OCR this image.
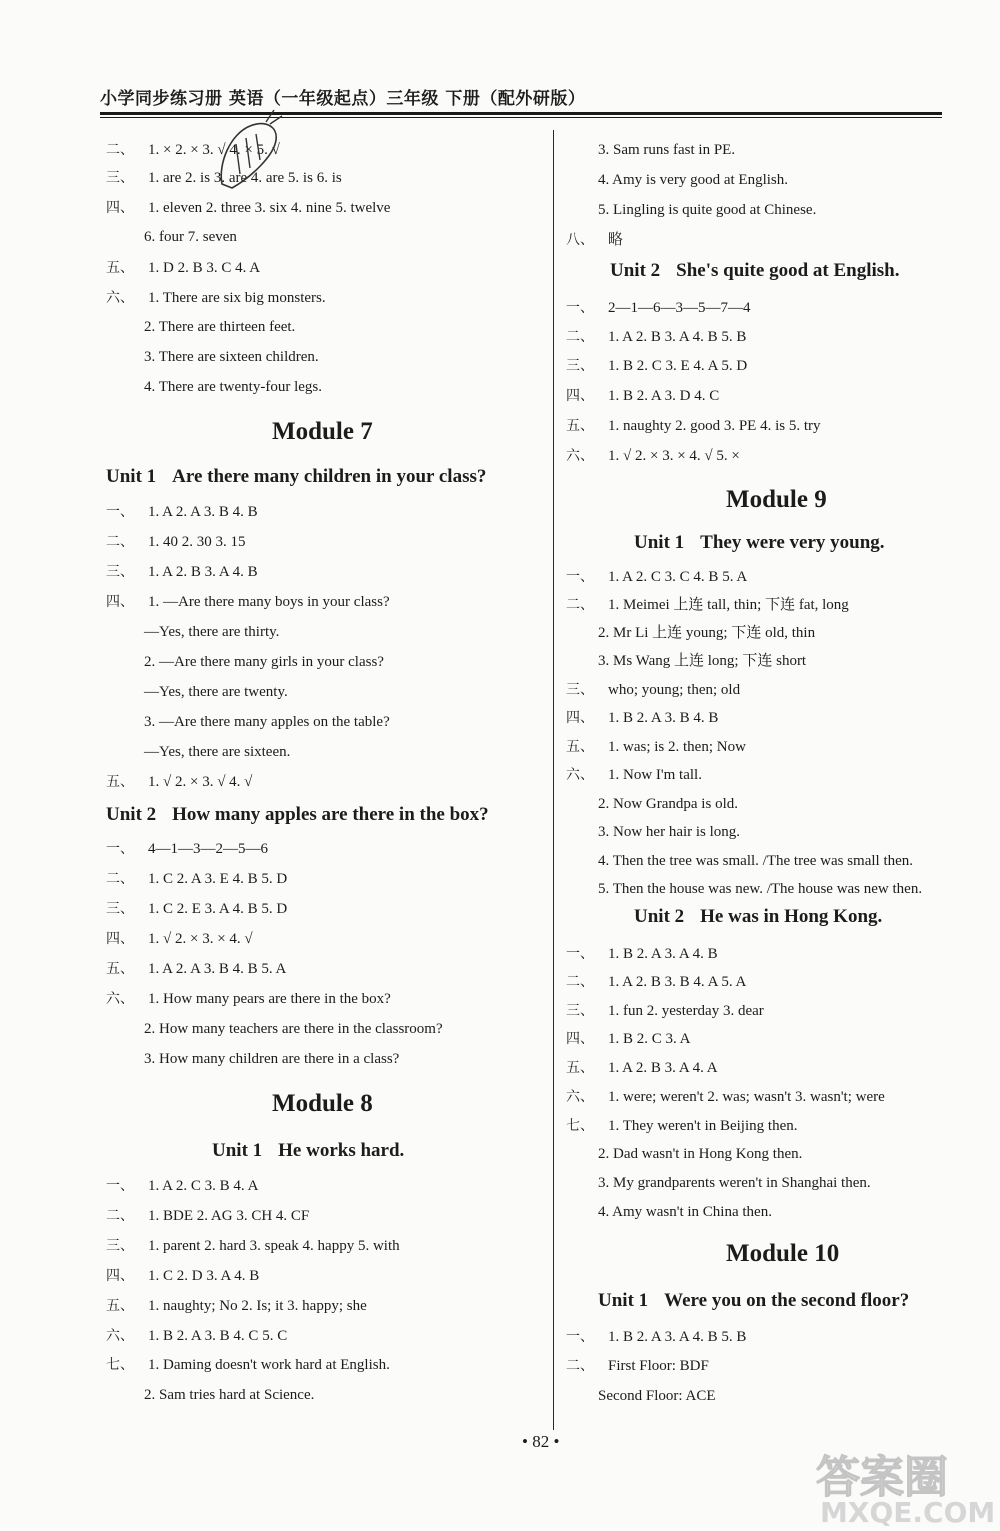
小学同步练习册 英语（一年级起点）三年级 下册（配外研版）
二、 1. × 2. × 3. √ 4. × 5. √
三、 1. are 2. is 3. are 4. are 5. is 6. is
四、 1. eleven 2. three 3. six 4. nine 5. twelve
6. four 7. seven
五、 1. D 2. B 3. C 4. A
六、 1. There are six big monsters.
2. There are thirteen feet.
3. There are sixteen children.
4. There are twenty-four legs.
Module 7
Unit 1 Are there many children in your class?
一、 1. A 2. A 3. B 4. B
二、 1. 40 2. 30 3. 15
三、 1. A 2. B 3. A 4. B
四、 1. —Are there many boys in your class?
—Yes, there are thirty.
2. —Are there many girls in your class?
—Yes, there are twenty.
3. —Are there many apples on the table?
—Yes, there are sixteen.
五、 1. √ 2. × 3. √ 4. √
Unit 2 How many apples are there in the box?
一、 4—1—3—2—5—6
二、 1. C 2. A 3. E 4. B 5. D
三、 1. C 2. E 3. A 4. B 5. D
四、 1. √ 2. × 3. × 4. √
五、 1. A 2. A 3. B 4. B 5. A
六、 1. How many pears are there in the box?
2. How many teachers are there in the classroom?
3. How many children are there in a class?
Module 8
Unit 1 He works hard.
一、 1. A 2. C 3. B 4. A
二、 1. BDE 2. AG 3. CH 4. CF
三、 1. parent 2. hard 3. speak 4. happy 5. with
四、 1. C 2. D 3. A 4. B
五、 1. naughty; No 2. Is; it 3. happy; she
六、 1. B 2. A 3. B 4. C 5. C
七、 1. Daming doesn't work hard at English.
2. Sam tries hard at Science.
3. Sam runs fast in PE.
4. Amy is very good at English.
5. Lingling is quite good at Chinese.
八、 略
Unit 2 She's quite good at English.
一、 2—1—6—3—5—7—4
二、 1. A 2. B 3. A 4. B 5. B
三、 1. B 2. C 3. E 4. A 5. D
四、 1. B 2. A 3. D 4. C
五、 1. naughty 2. good 3. PE 4. is 5. try
六、 1. √ 2. × 3. × 4. √ 5. ×
Module 9
Unit 1 They were very young.
一、 1. A 2. C 3. C 4. B 5. A
二、 1. Meimei 上连 tall, thin; 下连 fat, long
2. Mr Li 上连 young; 下连 old, thin
3. Ms Wang 上连 long; 下连 short
三、 who; young; then; old
四、 1. B 2. A 3. B 4. B
五、 1. was; is 2. then; Now
六、 1. Now I'm tall.
2. Now Grandpa is old.
3. Now her hair is long.
4. Then the tree was small. /The tree was small then.
5. Then the house was new. /The house was new then.
Unit 2 He was in Hong Kong.
一、 1. B 2. A 3. A 4. B
二、 1. A 2. B 3. B 4. A 5. A
三、 1. fun 2. yesterday 3. dear
四、 1. B 2. C 3. A
五、 1. A 2. B 3. A 4. A
六、 1. were; weren't 2. was; wasn't 3. wasn't; were
七、 1. They weren't in Beijing then.
2. Dad wasn't in Hong Kong then.
3. My grandparents weren't in Shanghai then.
4. Amy wasn't in China then.
Module 10
Unit 1 Were you on the second floor?
一、 1. B 2. A 3. A 4. B 5. B
二、 First Floor: BDF
Second Floor: ACE
• 82 •
答案圈
MXQE.COM
